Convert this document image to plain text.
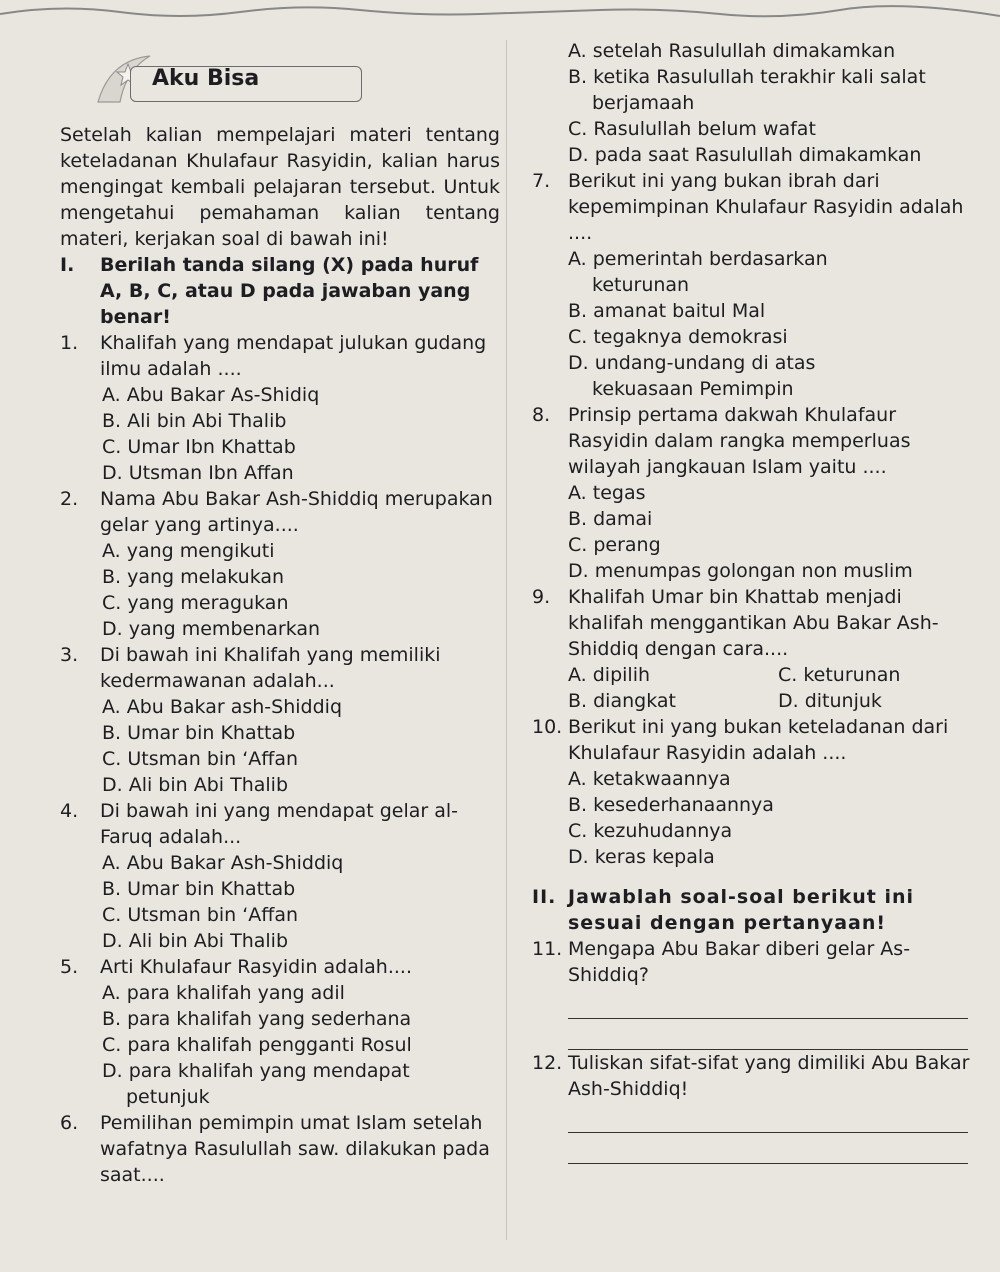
Aku Bisa
Setelah kalian mempelajari materi tentang keteladanan Khulafaur Rasyidin, kalian harus mengingat kembali pelajaran tersebut. Untuk mengetahui pemahaman kalian tentang materi, kerjakan soal di bawah ini!
I. Berilah tanda silang (X) pada huruf A, B, C, atau D pada jawaban yang benar!
1. Khalifah yang mendapat julukan gudang ilmu adalah ....
A. Abu Bakar As-Shidiq
B. Ali bin Abi Thalib
C. Umar Ibn Khattab
D. Utsman Ibn Affan
2. Nama Abu Bakar Ash-Shiddiq merupakan gelar yang artinya....
A. yang mengikuti
B. yang melakukan
C. yang meragukan
D. yang membenarkan
3. Di bawah ini Khalifah yang memiliki kedermawanan adalah...
A. Abu Bakar ash-Shiddiq
B. Umar bin Khattab
C. Utsman bin ‘Affan
D. Ali bin Abi Thalib
4. Di bawah ini yang mendapat gelar al-Faruq adalah...
A. Abu Bakar Ash-Shiddiq
B. Umar bin Khattab
C. Utsman bin ‘Affan
D. Ali bin Abi Thalib
5. Arti Khulafaur Rasyidin adalah....
A. para khalifah yang adil
B. para khalifah yang sederhana
C. para khalifah pengganti Rosul
D. para khalifah yang mendapat petunjuk
6. Pemilihan pemimpin umat Islam setelah wafatnya Rasulullah saw. dilakukan pada saat....
A. setelah Rasulullah dimakamkan
B. ketika Rasulullah terakhir kali salat berjamaah
C. Rasulullah belum wafat
D. pada saat Rasulullah dimakamkan
7. Berikut ini yang bukan ibrah dari kepemimpinan Khulafaur Rasyidin adalah ....
A. pemerintah berdasarkan keturunan
B. amanat baitul Mal
C. tegaknya demokrasi
D. undang-undang di atas kekuasaan Pemimpin
8. Prinsip pertama dakwah Khulafaur Rasyidin dalam rangka memperluas wilayah jangkauan Islam yaitu ....
A. tegas
B. damai
C. perang
D. menumpas golongan non muslim
9. Khalifah Umar bin Khattab menjadi khalifah menggantikan Abu Bakar Ash-Shiddiq dengan cara....
A. dipilih	C. keturunan
B. diangkat	D. ditunjuk
10. Berikut ini yang bukan keteladanan dari Khulafaur Rasyidin adalah ....
A. ketakwaannya
B. kesederhanaannya
C. kezuhudannya
D. keras kepala
II. Jawablah soal-soal berikut ini sesuai dengan pertanyaan!
11. Mengapa Abu Bakar diberi gelar As-Shiddiq?
12. Tuliskan sifat-sifat yang dimiliki Abu Bakar Ash-Shiddiq!
